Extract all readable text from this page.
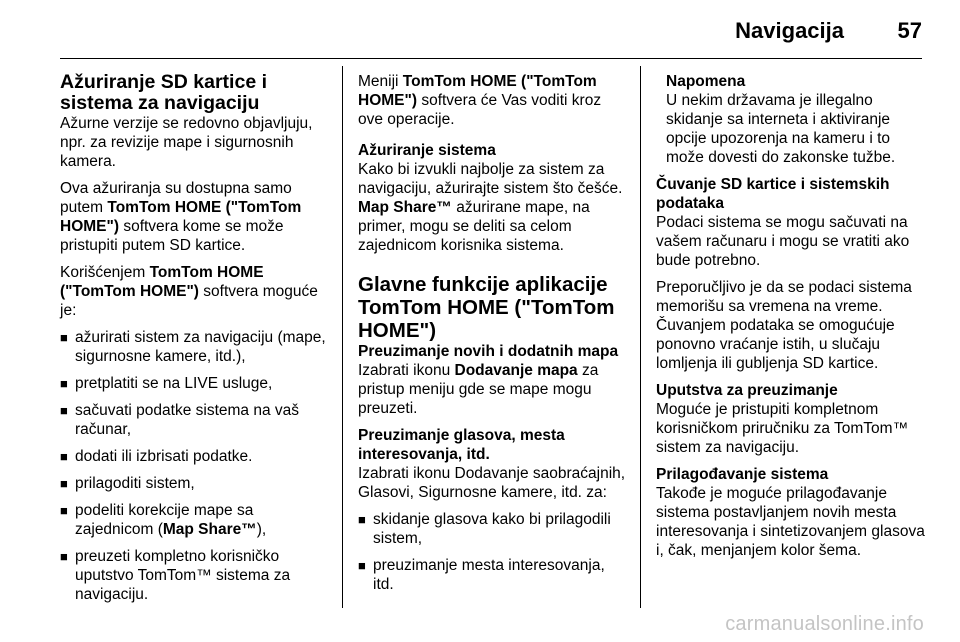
Navigacija 57
Ažuriranje SD kartice i sistema za navigaciju

Ažurne verzije se redovno objavljuju, npr. za revizije mape i sigurnosnih kamera.

Ova ažuriranja su dostupna samo putem TomTom HOME ("TomTom HOME") softvera kome se može pristupiti putem SD kartice.

Korišćenjem TomTom HOME ("TomTom HOME") softvera moguće je:

■ ažurirati sistem za navigaciju (mape, sigurnosne kamere, itd.),
■ pretplatiti se na LIVE usluge,
■ sačuvati podatke sistema na vaš računar,
■ dodati ili izbrisati podatke.
■ prilagoditi sistem,
■ podeliti korekcije mape sa zajednicom (Map Share™),
■ preuzeti kompletno korisničko uputstvo TomTom™ sistema za navigaciju.

Meniji TomTom HOME ("TomTom HOME") softvera će Vas voditi kroz ove operacije.

Ažuriranje sistema

Kako bi izvukli najbolje za sistem za navigaciju, ažurirajte sistem što češće. Map Share™ ažurirane mape, na primer, mogu se deliti sa celom zajednicom korisnika sistema.

Glavne funkcije aplikacije TomTom HOME ("TomTom HOME")
Preuzimanje novih i dodatnih mapa

Izabrati ikonu Dodavanje mapa za pristup meniju gde se mape mogu preuzeti.

Preuzimanje glasova, mesta interesovanja, itd.

Izabrati ikonu Dodavanje saobraćajnih, Glasovi, Sigurnosne kamere, itd. za:

■ skidanje glasova kako bi prilagodili sistem,
■ preuzimanje mesta interesovanja, itd.
Napomena
U nekim državama je illegalno skidanje sa interneta i aktiviranje opcije upozorenja na kameru i to može dovesti do zakonske tužbe.
Čuvanje SD kartice i sistemskih podataka

Podaci sistema se mogu sačuvati na vašem računaru i mogu se vratiti ako bude potrebno.

Preporučljivo je da se podaci sistema memorišu sa vremena na vreme. Čuvanjem podataka se omogućuje ponovno vraćanje istih, u slučaju lomljenja ili gubljenja SD kartice.

Uputstva za preuzimanje

Moguće je pristupiti kompletnom korisničkom priručniku za TomTom™ sistem za navigaciju.

Prilagođavanje sistema

Takođe je moguće prilagođavanje sistema postavljanjem novih mesta interesovanja i sintetizovanjem glasova i, čak, menjanjem kolor šema.

carmanualsonline.info
